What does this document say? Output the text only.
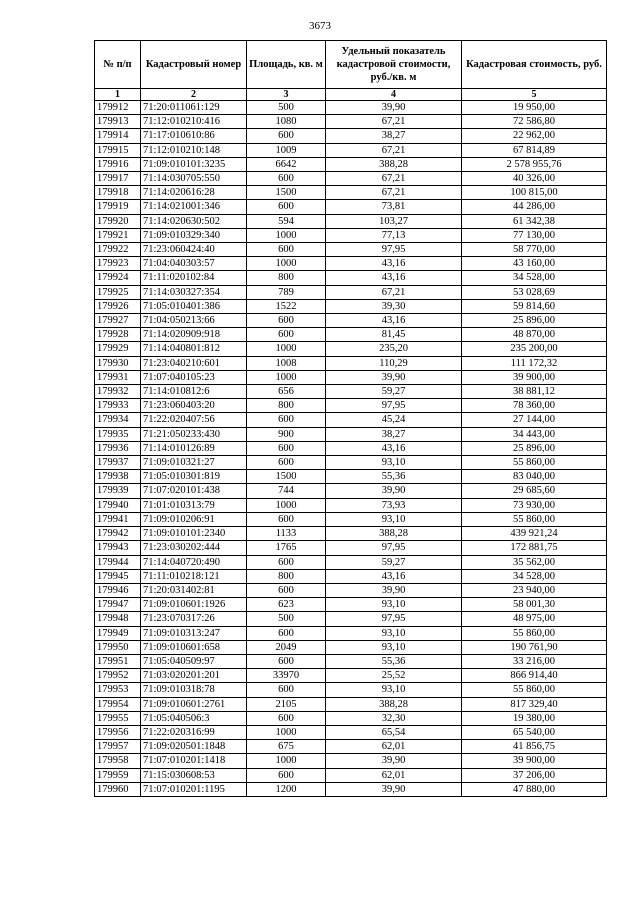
3673
№ п/п	Кадастровый номер	Площадь, кв. м	Удельный показатель кадастровой стоимости, руб./кв. м	Кадастровая стоимость, руб.
1	2	3	4	5
179912	71:20:011061:129	500	39,90	19 950,00
179913	71:12:010210:416	1080	67,21	72 586,80
179914	71:17:010610:86	600	38,27	22 962,00
179915	71:12:010210:148	1009	67,21	67 814,89
179916	71:09:010101:3235	6642	388,28	2 578 955,76
179917	71:14:030705:550	600	67,21	40 326,00
179918	71:14:020616:28	1500	67,21	100 815,00
179919	71:14:021001:346	600	73,81	44 286,00
179920	71:14:020630:502	594	103,27	61 342,38
179921	71:09:010329:340	1000	77,13	77 130,00
179922	71:23:060424:40	600	97,95	58 770,00
179923	71:04:040303:57	1000	43,16	43 160,00
179924	71:11:020102:84	800	43,16	34 528,00
179925	71:14:030327:354	789	67,21	53 028,69
179926	71:05:010401:386	1522	39,30	59 814,60
179927	71:04:050213:66	600	43,16	25 896,00
179928	71:14:020909:918	600	81,45	48 870,00
179929	71:14:040801:812	1000	235,20	235 200,00
179930	71:23:040210:601	1008	110,29	111 172,32
179931	71:07:040105:23	1000	39,90	39 900,00
179932	71:14:010812:6	656	59,27	38 881,12
179933	71:23:060403:20	800	97,95	78 360,00
179934	71:22:020407:56	600	45,24	27 144,00
179935	71:21:050233:430	900	38,27	34 443,00
179936	71:14:010126:89	600	43,16	25 896,00
179937	71:09:010321:27	600	93,10	55 860,00
179938	71:05:010301:819	1500	55,36	83 040,00
179939	71:07:020101:438	744	39,90	29 685,60
179940	71:01:010313:79	1000	73,93	73 930,00
179941	71:09:010206:91	600	93,10	55 860,00
179942	71:09:010101:2340	1133	388,28	439 921,24
179943	71:23:030202:444	1765	97,95	172 881,75
179944	71:14:040720:490	600	59,27	35 562,00
179945	71:11:010218:121	800	43,16	34 528,00
179946	71:20:031402:81	600	39,90	23 940,00
179947	71:09:010601:1926	623	93,10	58 001,30
179948	71:23:070317:26	500	97,95	48 975,00
179949	71:09:010313:247	600	93,10	55 860,00
179950	71:09:010601:658	2049	93,10	190 761,90
179951	71:05:040509:97	600	55,36	33 216,00
179952	71:03:020201:201	33970	25,52	866 914,40
179953	71:09:010318:78	600	93,10	55 860,00
179954	71:09:010601:2761	2105	388,28	817 329,40
179955	71:05:040506:3	600	32,30	19 380,00
179956	71:22:020316:99	1000	65,54	65 540,00
179957	71:09:020501:1848	675	62,01	41 856,75
179958	71:07:010201:1418	1000	39,90	39 900,00
179959	71:15:030608:53	600	62,01	37 206,00
179960	71:07:010201:1195	1200	39,90	47 880,00
